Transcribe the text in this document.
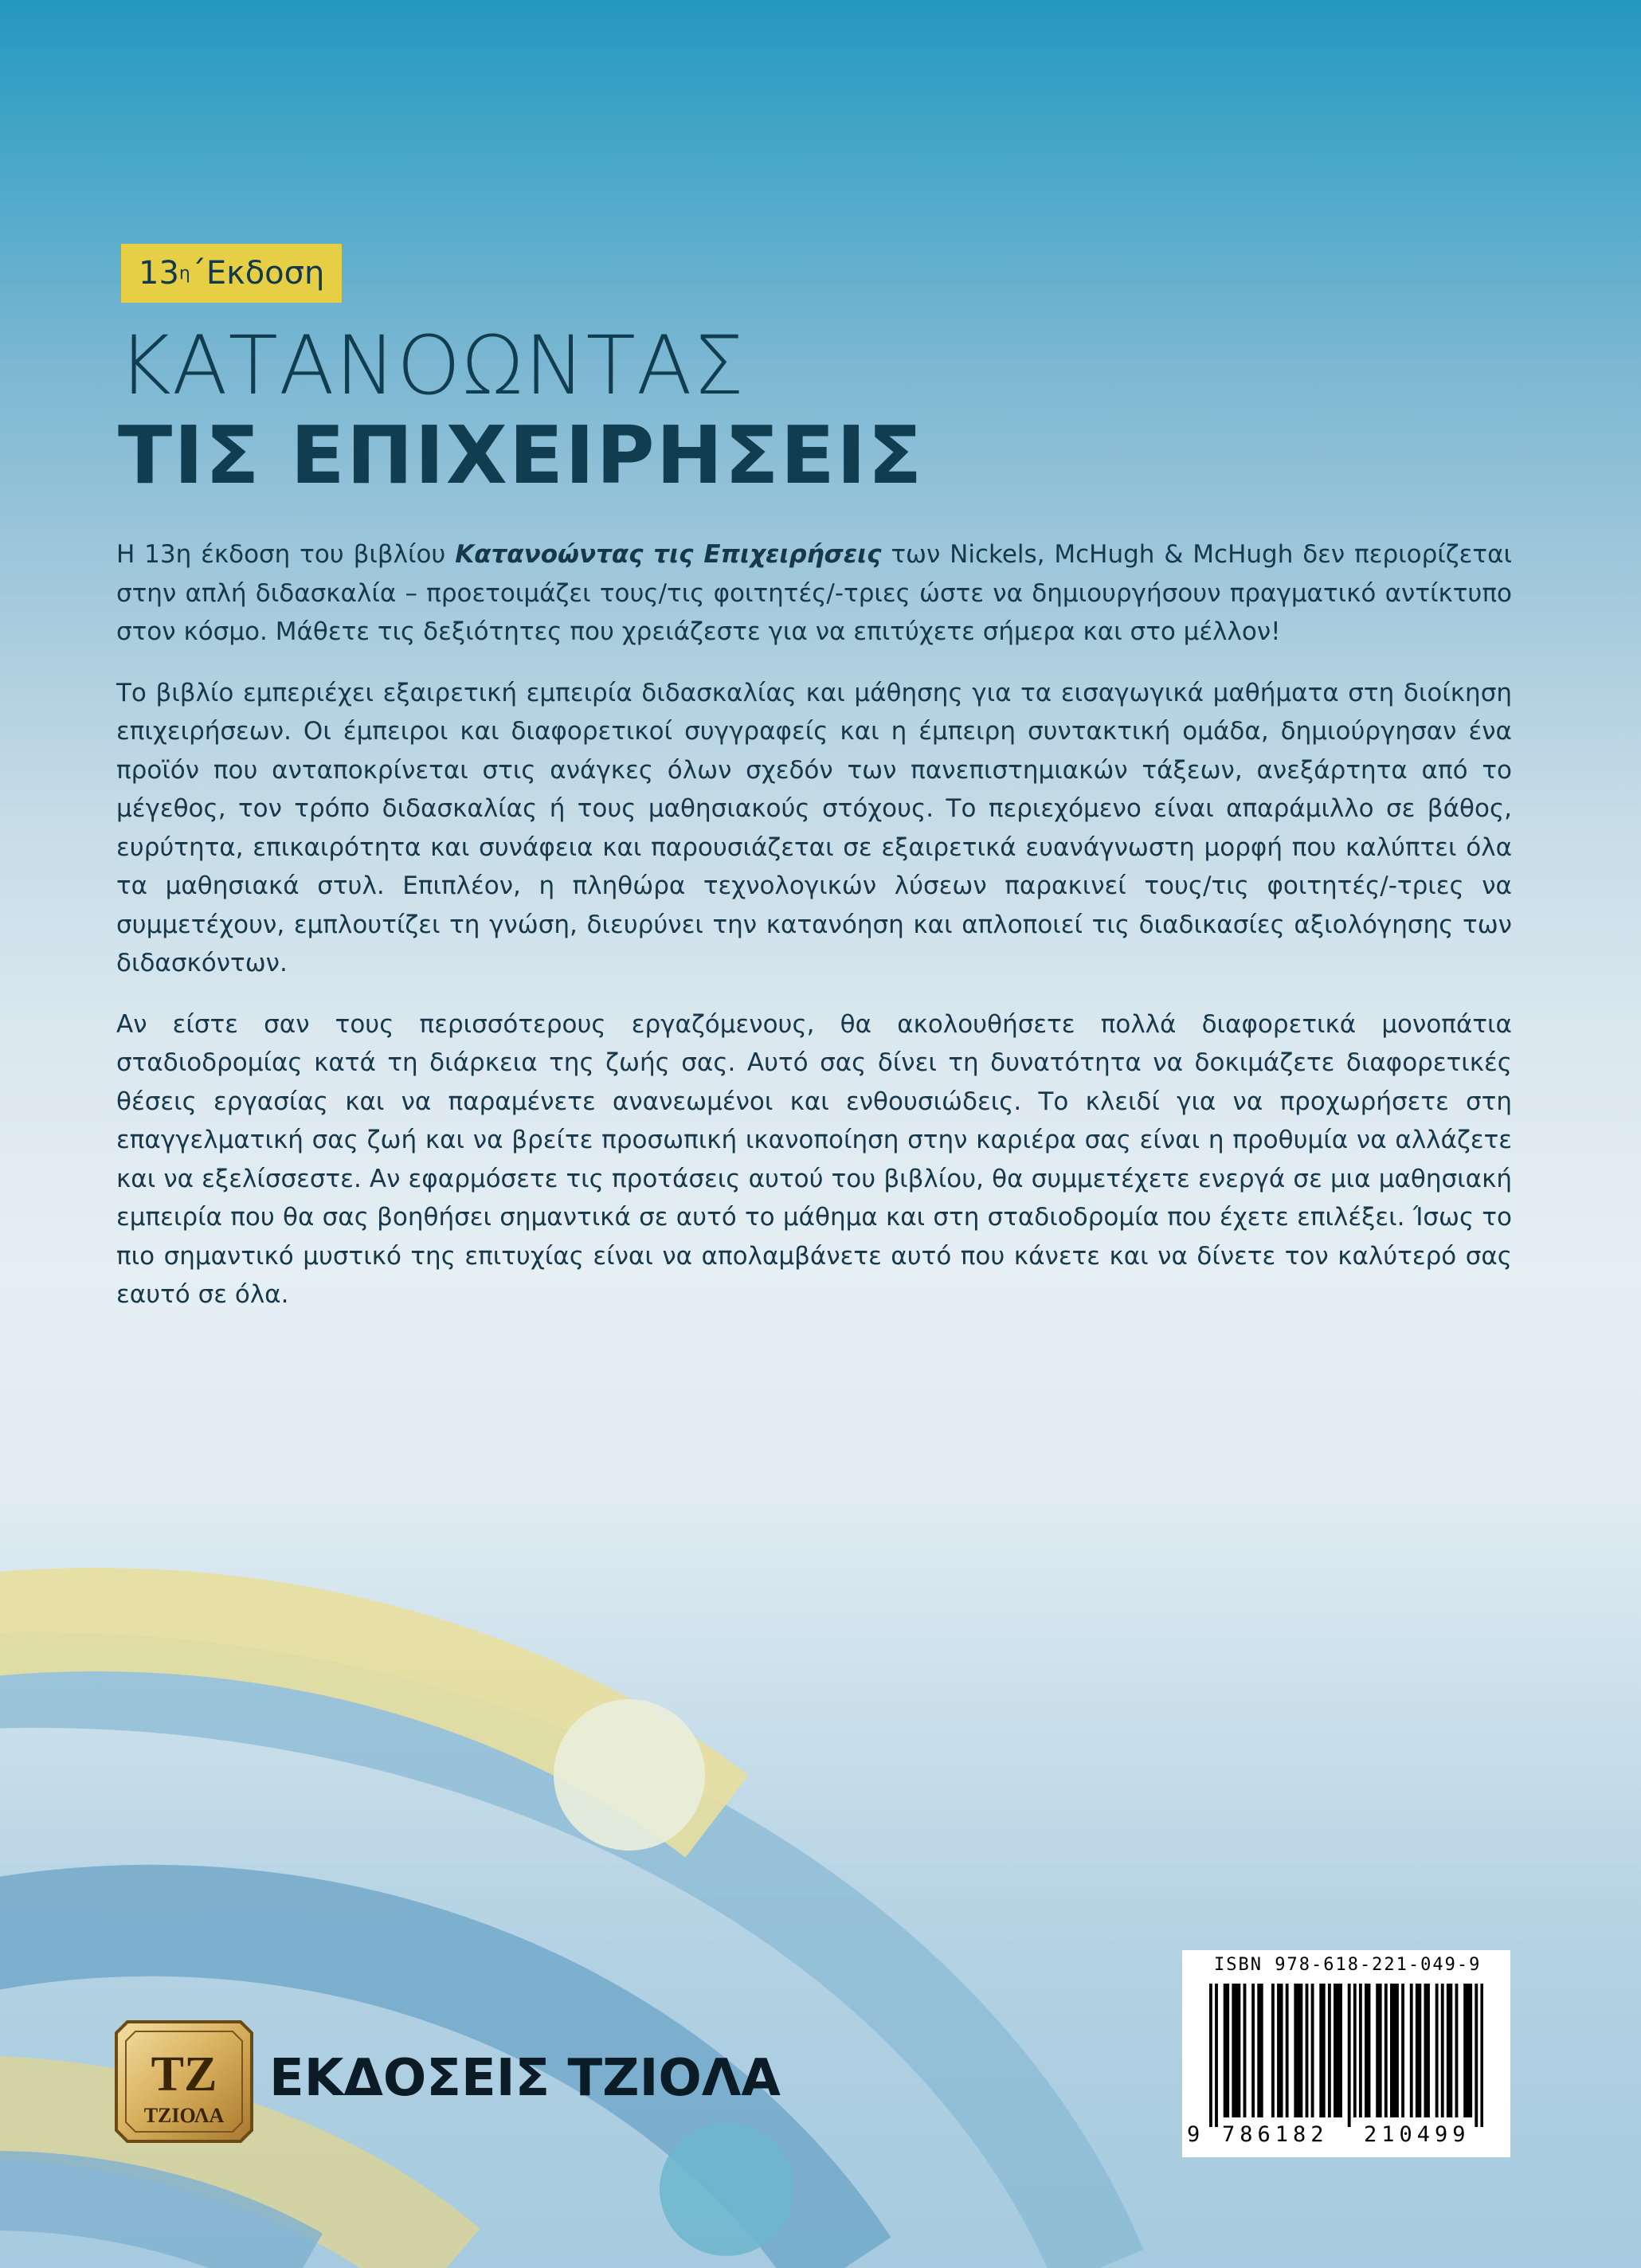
13 η ΄Εκδοση
ΚΑΤΑΝΟΩΝΤΑΣ
ΤΙΣ ΕΠΙΧΕΙΡΗΣΕΙΣ

Η 13η έκδοση του βιβλίου Κατανοώντας τις Επιχειρήσεις των Nickels, McHugh & McHugh δεν περιορίζεται στην απλή διδασκαλία – προετοιμάζει τους/τις φοιτητές/-τριες ώστε να δημιουργήσουν πραγματικό αντίκτυπο στον κόσμο. Μάθετε τις δεξιότητες που χρειάζεστε για να επιτύχετε σήμερα και στο μέλλον!

Το βιβλίο εμπεριέχει εξαιρετική εμπειρία διδασκαλίας και μάθησης για τα εισαγωγικά μαθήματα στη διοίκηση επιχειρήσεων. Οι έμπειροι και διαφορετικοί συγγραφείς και η έμπειρη συντακτική ομάδα, δημιούργησαν ένα προϊόν που ανταποκρίνεται στις ανάγκες όλων σχεδόν των πανεπιστημιακών τάξεων, ανεξάρτητα από το μέγεθος, τον τρόπο διδασκαλίας ή τους μαθησιακούς στόχους. Το περιεχόμενο είναι απαράμιλλο σε βάθος, ευρύτητα, επικαιρότητα και συνάφεια και παρουσιάζεται σε εξαιρετικά ευανάγνωστη μορφή που καλύπτει όλα τα μαθησιακά στυλ. Επιπλέον, η πληθώρα τεχνολογικών λύσεων παρακινεί τους/τις φοιτητές/-τριες να συμμετέχουν, εμπλουτίζει τη γνώση, διευρύνει την κατανόηση και απλοποιεί τις διαδικασίες αξιολόγησης των διδασκόντων.

Αν είστε σαν τους περισσότερους εργαζόμενους, θα ακολουθήσετε πολλά διαφορετικά μονοπάτια σταδιοδρομίας κατά τη διάρκεια της ζωής σας. Αυτό σας δίνει τη δυνατότητα να δοκιμάζετε διαφορετικές θέσεις εργασίας και να παραμένετε ανανεωμένοι και ενθουσιώδεις. Το κλειδί για να προχωρήσετε στη επαγγελματική σας ζωή και να βρείτε προσωπική ικανοποίηση στην καριέρα σας είναι η προθυμία να αλλάζετε και να εξελίσσεστε. Αν εφαρμόσετε τις προτάσεις αυτού του βιβλίου, θα συμμετέχετε ενεργά σε μια μαθησιακή εμπειρία που θα σας βοηθήσει σημαντικά σε αυτό το μάθημα και στη σταδιοδρομία που έχετε επιλέξει. Ίσως το πιο σημαντικό μυστικό της επιτυχίας είναι να απολαμβάνετε αυτό που κάνετε και να δίνετε τον καλύτερό σας εαυτό σε όλα.

ΤΖ
ΤΖΙΟΛΑ
ΕΚΔΟΣΕΙΣ ΤΖΙΟΛΑ
ISBN 978-618-221-049-9
9 786182 210499
